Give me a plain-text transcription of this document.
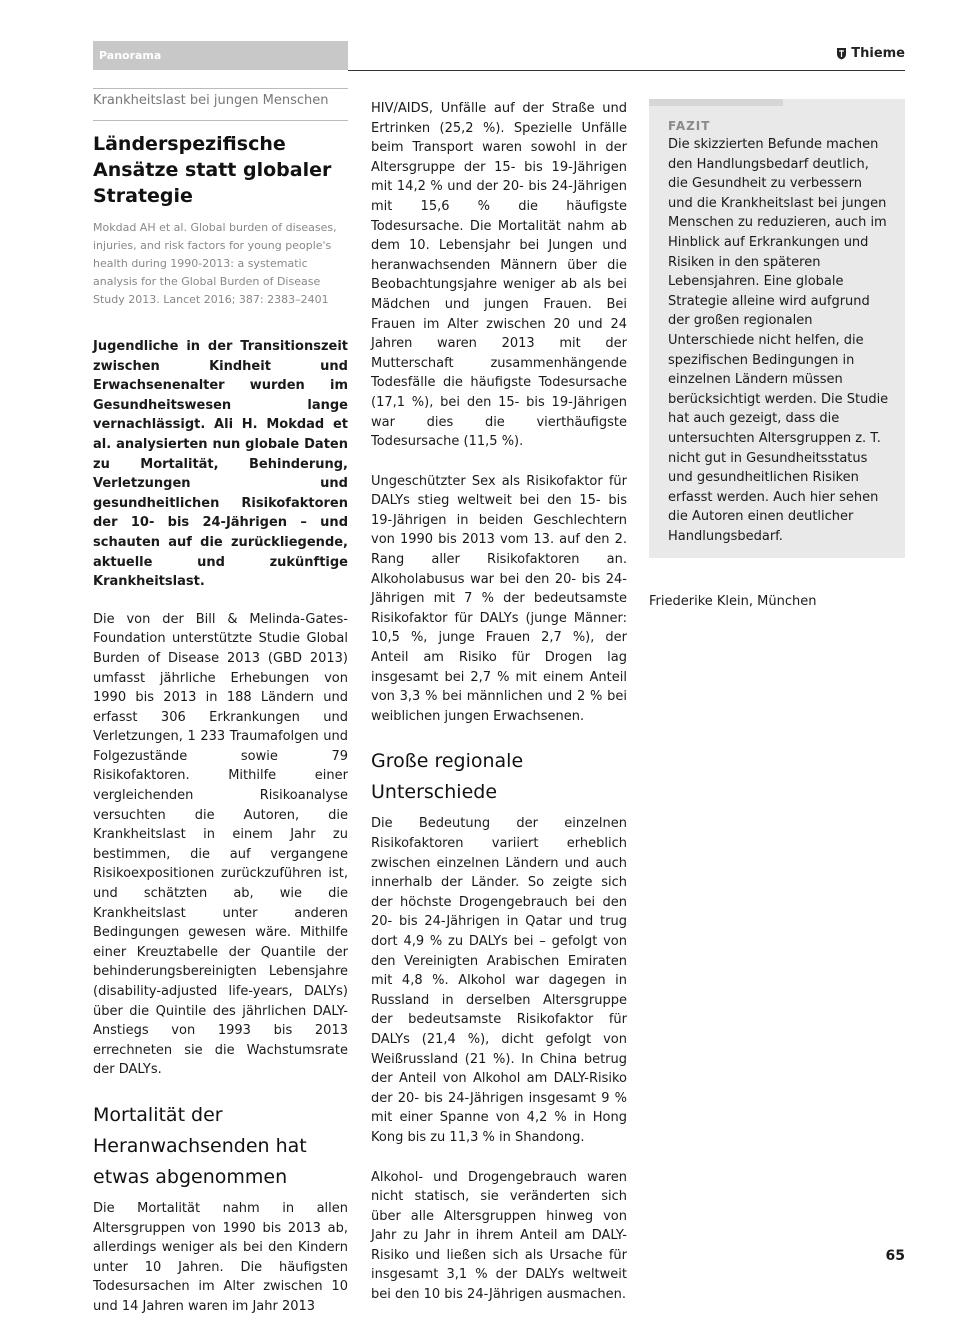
Panorama	Thieme
Krankheitslast bei jungen Menschen
Länderspezifische Ansätze statt globaler Strategie
Mokdad AH et al. Global burden of diseases, injuries, and risk factors for young people's health during 1990-2013: a systematic analysis for the Global Burden of Disease Study 2013. Lancet 2016; 387: 2383–2401

Jugendliche in der Transitionszeit zwischen Kindheit und Erwachsenenalter wurden im Gesundheitswesen lange vernachlässigt. Ali H. Mokdad et al. analysierten nun globale Daten zu Mortalität, Behinderung, Verletzungen und gesundheitlichen Risikofaktoren der 10- bis 24-Jährigen – und schauten auf die zurückliegende, aktuelle und zukünftige Krankheitslast.

Die von der Bill & Melinda-Gates-Foundation unterstützte Studie Global Burden of Disease 2013 (GBD 2013) umfasst jährliche Erhebungen von 1990 bis 2013 in 188 Ländern und erfasst 306 Erkrankungen und Verletzungen, 1 233 Traumafolgen und Folgezustände sowie 79 Risikofaktoren. Mithilfe einer vergleichenden Risikoanalyse versuchten die Autoren, die Krankheitslast in einem Jahr zu bestimmen, die auf vergangene Risikoexpositionen zurückzuführen ist, und schätzten ab, wie die Krankheitslast unter anderen Bedingungen gewesen wäre. Mithilfe einer Kreuztabelle der Quantile der behinderungsbereinigten Lebensjahre (disability-adjusted life-years, DALYs) über die Quintile des jährlichen DALY-Anstiegs von 1993 bis 2013 errechneten sie die Wachstumsrate der DALYs.

Mortalität der Heranwachsenden hat etwas abgenommen

Die Mortalität nahm in allen Altersgruppen von 1990 bis 2013 ab, allerdings weniger als bei den Kindern unter 10 Jahren. Die häufigsten Todesursachen im Alter zwischen 10 und 14 Jahren waren im Jahr 2013

HIV/AIDS, Unfälle auf der Straße und Ertrinken (25,2 %). Spezielle Unfälle beim Transport waren sowohl in der Altersgruppe der 15- bis 19-Jährigen mit 14,2 % und der 20- bis 24-Jährigen mit 15,6 % die häufigste Todesursache. Die Mortalität nahm ab dem 10. Lebensjahr bei Jungen und heranwachsenden Männern über die Beobachtungsjahre weniger ab als bei Mädchen und jungen Frauen. Bei Frauen im Alter zwischen 20 und 24 Jahren waren 2013 mit der Mutterschaft zusammenhängende Todesfälle die häufigste Todesursache (17,1 %), bei den 15- bis 19-Jährigen war dies die vierthäufigste Todesursache (11,5 %).

Ungeschützter Sex als Risikofaktor für DALYs stieg weltweit bei den 15- bis 19-Jährigen in beiden Geschlechtern von 1990 bis 2013 vom 13. auf den 2. Rang aller Risikofaktoren an. Alkoholabusus war bei den 20- bis 24-Jährigen mit 7 % der bedeutsamste Risikofaktor für DALYs (junge Männer: 10,5 %, junge Frauen 2,7 %), der Anteil am Risiko für Drogen lag insgesamt bei 2,7 % mit einem Anteil von 3,3 % bei männlichen und 2 % bei weiblichen jungen Erwachsenen.

Große regionale Unterschiede

Die Bedeutung der einzelnen Risikofaktoren variiert erheblich zwischen einzelnen Ländern und auch innerhalb der Länder. So zeigte sich der höchste Drogengebrauch bei den 20- bis 24-Jährigen in Qatar und trug dort 4,9 % zu DALYs bei – gefolgt von den Vereinigten Arabischen Emiraten mit 4,8 %. Alkohol war dagegen in Russland in derselben Altersgruppe der bedeutsamste Risikofaktor für DALYs (21,4 %), dicht gefolgt von Weißrussland (21 %). In China betrug der Anteil von Alkohol am DALY-Risiko der 20- bis 24-Jährigen insgesamt 9 % mit einer Spanne von 4,2 % in Hong Kong bis zu 11,3 % in Shandong.

Alkohol- und Drogengebrauch waren nicht statisch, sie veränderten sich über alle Altersgruppen hinweg von Jahr zu Jahr in ihrem Anteil am DALY-Risiko und ließen sich als Ursache für insgesamt 3,1 % der DALYs weltweit bei den 10 bis 24-Jährigen ausmachen.

FAZIT

Die skizzierten Befunde machen den Handlungsbedarf deutlich, die Gesundheit zu verbessern und die Krankheitslast bei jungen Menschen zu reduzieren, auch im Hinblick auf Erkrankungen und Risiken in den späteren Lebensjahren. Eine globale Strategie alleine wird aufgrund der großen regionalen Unterschiede nicht helfen, die spezifischen Bedingungen in einzelnen Ländern müssen berücksichtigt werden. Die Studie hat auch gezeigt, dass die untersuchten Altersgruppen z. T. nicht gut in Gesundheitsstatus und gesundheitlichen Risiken erfasst werden. Auch hier sehen die Autoren einen deutlicher Handlungsbedarf.

Friederike Klein, München
65
